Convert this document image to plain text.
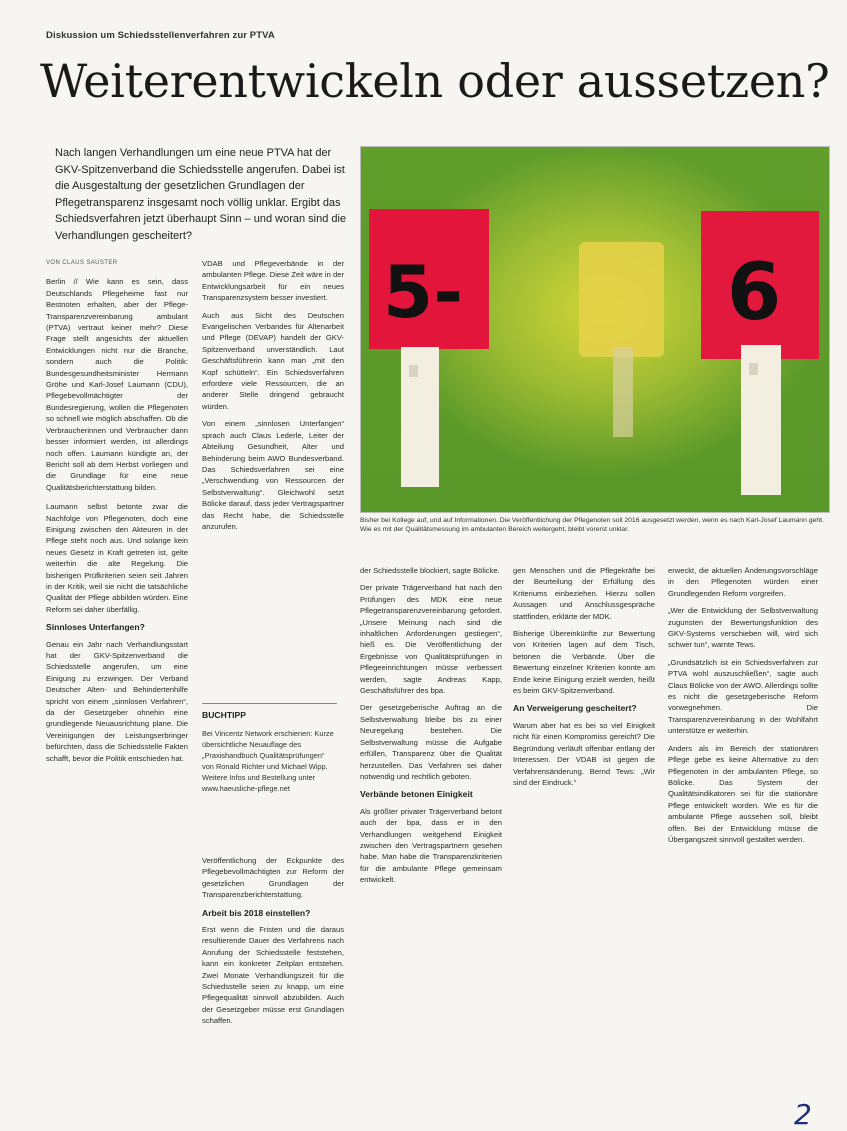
Diskussion um Schiedsstellenverfahren zur PTVA
Weiterentwickeln oder aussetzen?
Nach langen Verhandlungen um eine neue PTVA hat der GKV-Spitzenverband die Schiedsstelle angerufen. Dabei ist die Ausgestaltung der gesetzlichen Grundlagen der Pflegetransparenz insgesamt noch völlig unklar. Ergibt das Schiedsverfahren jetzt überhaupt Sinn – und woran sind die Verhandlungen gescheitert?
5-	6
Bisher bei Kollege auf, und auf Informationen. Die Veröffentlichung der Pflegenoten soll 2016 ausgesetzt werden, wenn es nach Karl-Josef Laumann geht. Wie es mit der Qualitätsmessung im ambulanten Bereich weitergeht, bleibt vorerst unklar.

VON CLAUS SAUSTER

Berlin // Wie kann es sein, dass Deutschlands Pflegeheime fast nur Bestnoten erhalten, aber der Pflege-Transparenzvereinbarung ambulant (PTVA) vertraut keiner mehr? Diese Frage stellt angesichts der aktuellen Entwicklungen nicht nur die Branche, sondern auch die Politik: Bundesgesundheitsminister Hermann Gröhe und Karl-Josef Laumann (CDU), Pflegebevollmächtigter der Bundesregierung, wollen die Pflegenoten so schnell wie möglich abschaffen. Ob die Verbraucherinnen und Verbraucher dann besser informiert werden, ist allerdings noch offen. Laumann kündigte an, der Bericht soll ab dem Herbst vorliegen und die Grundlage für eine neue Qualitätsberichterstattung bilden.

Laumann selbst betonte zwar die Nachfolge von Pflegenoten, doch eine Einigung zwischen den Akteuren in der Pflege steht noch aus. Und solange kein neues Gesetz in Kraft getreten ist, gelte weiterhin die alte Regelung. Die bisherigen Prüfkriterien seien seit Jahren in der Kritik, weil sie nicht die tatsächliche Qualität der Pflege abbilden würden. Eine Reform sei daher überfällig.

Sinnloses Unterfangen?

Genau ein Jahr nach Verhandlungsstart hat der GKV-Spitzenverband die Schiedsstelle angerufen, um eine Einigung zu erzwingen. Der Verband Deutscher Alten- und Behindertenhilfe spricht von einem „sinnlosen Verfahren“, da der Gesetzgeber ohnehin eine grundlegende Neuausrichtung plane. Die Vereinigungen der Leistungserbringer befürchten, dass die Schiedsstelle Fakten schafft, bevor die Politik entschieden hat.

VDAB und Pflegeverbände in der ambulanten Pflege. Diese Zeit wäre in der Entwicklungsarbeit für ein neues Transparenzsystem besser investiert.

Auch aus Sicht des Deutschen Evangelischen Verbandes für Altenarbeit und Pflege (DEVAP) handelt der GKV-Spitzenverband unverständlich. Laut Geschäftsführerin kann man „mit den Kopf schütteln“. Ein Schiedsverfahren erfordere viele Ressourcen, die an anderer Stelle dringend gebraucht würden.

Von einem „sinnlosen Unterfangen“ sprach auch Claus Lederle, Leiter der Abteilung Gesundheit, Alter und Behinderung beim AWO Bundesverband. Das Schiedsverfahren sei eine „Verschwendung von Ressourcen der Selbstverwaltung“. Gleichwohl setzt Bölicke darauf, dass jeder Vertragspartner das Recht habe, die Schiedsstelle anzurufen.

BUCHTIPP
Bei Vincentz Network erschienen: Kurze übersichtliche Neuauflage des „Praxishandbuch Qualitätsprüfungen“ von Ronald Richter und Michael Wipp. Weitere Infos und Bestellung unter www.haeusliche-pflege.net

Veröffentlichung der Eckpunkte des Pflegebevollmächtigten zur Reform der gesetzlichen Grundlagen der Transparenzberichterstattung.

Arbeit bis 2018 einstellen?

Erst wenn die Fristen und die daraus resultierende Dauer des Verfahrens nach Anrufung der Schiedsstelle feststehen, kann ein konkreter Zeitplan entstehen. Zwei Monate Verhandlungszeit für die Schiedsstelle seien zu knapp, um eine Pflegequalität sinnvoll abzubilden. Auch der Gesetzgeber müsse erst Grundlagen schaffen.

der Schiedsstelle blockiert, sagte Bölicke.

Der private Trägerverband hat nach den Prüfungen des MDK eine neue Pflegetransparenzvereinbarung gefordert. „Unsere Meinung nach sind die inhaltlichen Anforderungen gestiegen“, hieß es. Die Veröffentlichung der Ergebnisse von Qualitätsprüfungen in Pflegeeinrichtungen müsse verbessert werden, sagte Andreas Kapp, Geschäftsführer des bpa.

Der gesetzgeberische Auftrag an die Selbstverwaltung bleibe bis zu einer Neuregelung bestehen. Die Selbstverwaltung müsse die Aufgabe erfüllen, Transparenz über die Qualität herzustellen. Das Verfahren sei daher notwendig und rechtlich geboten.

Verbände betonen Einigkeit

Als größter privater Trägerverband betont auch der bpa, dass er in den Verhandlungen weitgehend Einigkeit zwischen den Vertragspartnern gesehen habe. Man habe die Transparenzkriterien für die ambulante Pflege gemeinsam entwickelt.

gen Menschen und die Pflegekräfte bei der Beurteilung der Erfüllung des Kriteriums einbeziehen. Hierzu sollen Aussagen und Anschlussgespräche stattfinden, erklärte der MDK.

Bisherige Übereinkünfte zur Bewertung von Kriterien lagen auf dem Tisch, betonen die Verbände. Über die Bewertung einzelner Kriterien konnte am Ende keine Einigung erzielt werden, heißt es beim GKV-Spitzenverband.

An Verweigerung gescheitert?

Warum aber hat es bei so viel Einigkeit nicht für einen Kompromiss gereicht? Die Begründung verläuft offenbar entlang der Interessen. Der VDAB ist gegen die Verfahrensänderung. Bernd Tews: „Wir sind der Eindruck.“

erweckt, die aktuellen Änderungsvorschläge in den Pflegenoten würden einer Grundlegenden Reform vorgreifen.

„Wer die Entwicklung der Selbstverwaltung zugunsten der Bewertungsfunktion des GKV-Systems verschieben will, wird sich schwer tun“, warnte Tews.

„Grundsätzlich ist ein Schiedsverfahren zur PTVA wohl auszuschließen“, sagte auch Claus Bölicke von der AWO. Allerdings sollte es nicht die gesetzgeberische Reform vorwegnehmen. Die Transparenzvereinbarung in der Wohlfahrt unterstütze er weiterhin.

Anders als im Bereich der stationären Pflege gebe es keine Alternative zu den Pflegenoten in der ambulanten Pflege, so Bölicke. Das System der Qualitätsindikatoren sei für die stationäre Pflege entwickelt worden. Wie es für die ambulante Pflege aussehen soll, bleibt offen. Bei der Entwicklung müsse die Übergangszeit sinnvoll gestaltet werden.

2
